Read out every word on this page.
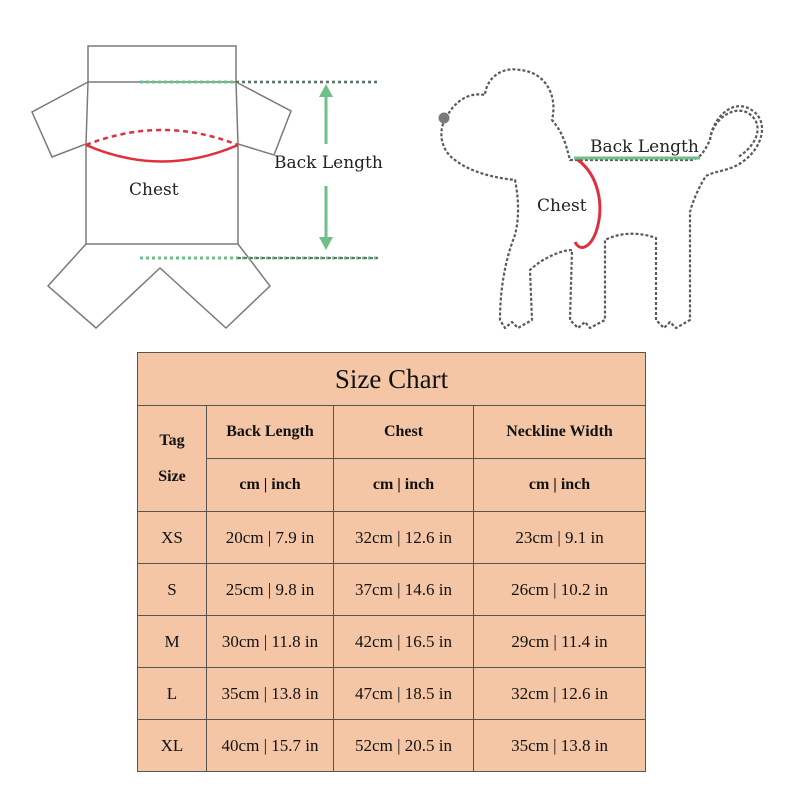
Chest
Back Length
Chest
Back Length
Size Chart			
Tag
Size	Back Length	Chest	Neckline Width
	cm | inch	cm | inch	cm | inch
XS	20cm | 7.9 in	32cm | 12.6 in	23cm | 9.1 in
S	25cm | 9.8 in	37cm | 14.6 in	26cm | 10.2 in
M	30cm | 11.8 in	42cm | 16.5 in	29cm | 11.4 in
L	35cm | 13.8 in	47cm | 18.5 in	32cm | 12.6 in
XL	40cm | 15.7 in	52cm | 20.5 in	35cm | 13.8 in
